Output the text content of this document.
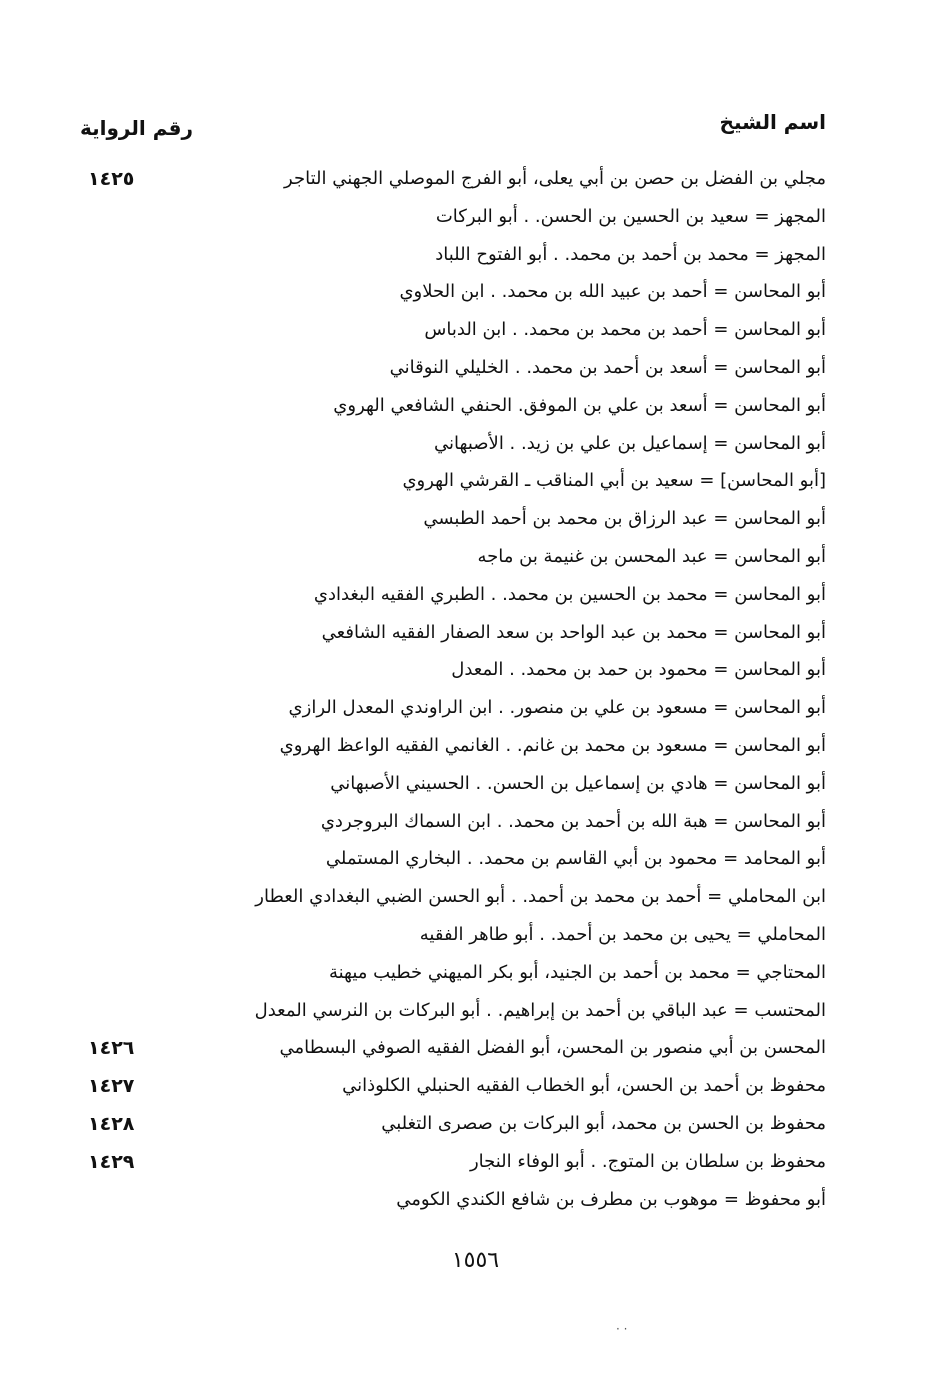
اسم الشيخ
رقم الرواية
مجلي بن الفضل بن حصن بن أبي يعلى، أبو الفرج الموصلي الجهني التاجر
١٤٢٥
المجهز = سعيد بن الحسين بن الحسن. . أبو البركات
المجهز = محمد بن أحمد بن محمد. . أبو الفتوح اللباد
أبو المحاسن = أحمد بن عبيد الله بن محمد. . ابن الحلاوي
أبو المحاسن = أحمد بن محمد بن محمد. . ابن الدباس
أبو المحاسن = أسعد بن أحمد بن محمد. . الخليلي النوقاني
أبو المحاسن = أسعد بن علي بن الموفق. الحنفي الشافعي الهروي
أبو المحاسن = إسماعيل بن علي بن زيد. . الأصبهاني
[أبو المحاسن] = سعيد بن أبي المناقب ـ القرشي الهروي
أبو المحاسن = عبد الرزاق بن محمد بن أحمد الطبسي
أبو المحاسن = عبد المحسن بن غنيمة بن ماجه
أبو المحاسن = محمد بن الحسين بن محمد. . الطبري الفقيه البغدادي
أبو المحاسن = محمد بن عبد الواحد بن سعد الصفار الفقيه الشافعي
أبو المحاسن = محمود بن حمد بن محمد. . المعدل
أبو المحاسن = مسعود بن علي بن منصور. . ابن الراوندي المعدل الرازي
أبو المحاسن = مسعود بن محمد بن غانم. . الغانمي الفقيه الواعظ الهروي
أبو المحاسن = هادي بن إسماعيل بن الحسن. . الحسيني الأصبهاني
أبو المحاسن = هبة الله بن أحمد بن محمد. . ابن السماك البروجردي
أبو المحامد = محمود بن أبي القاسم بن محمد. . البخاري المستملي
ابن المحاملي = أحمد بن محمد بن أحمد. . أبو الحسن الضبي البغدادي العطار
المحاملي = يحيى بن محمد بن أحمد. . أبو طاهر الفقيه
المحتاجي = محمد بن أحمد بن الجنيد، أبو بكر الميهني خطيب ميهنة
المحتسب = عبد الباقي بن أحمد بن إبراهيم. . أبو البركات بن النرسي المعدل
المحسن بن أبي منصور بن المحسن، أبو الفضل الفقيه الصوفي البسطامي
١٤٢٦
محفوظ بن أحمد بن الحسن، أبو الخطاب الفقيه الحنبلي الكلوذاني
١٤٢٧
محفوظ بن الحسن بن محمد، أبو البركات بن صصرى التغلبي
١٤٢٨
محفوظ بن سلطان بن المتوج. . أبو الوفاء النجار
١٤٢٩
أبو محفوظ = موهوب بن مطرف بن شافع الكندي الكومي
١٥٥٦
· ·
